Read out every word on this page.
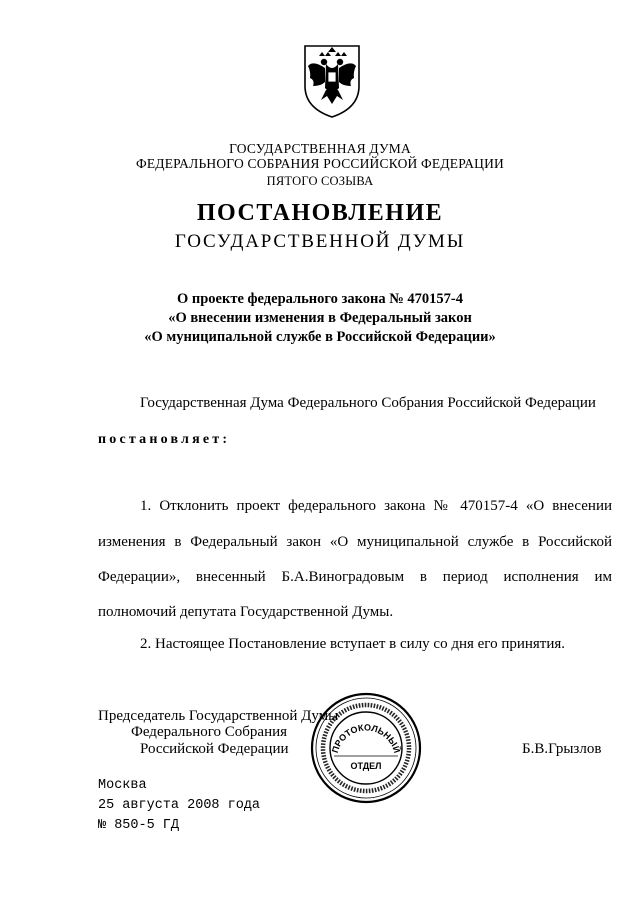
ГОСУДАРСТВЕННАЯ ДУМА
ФЕДЕРАЛЬНОГО СОБРАНИЯ РОССИЙСКОЙ ФЕДЕРАЦИИ
ПЯТОГО СОЗЫВА
ПОСТАНОВЛЕНИЕ
ГОСУДАРСТВЕННОЙ ДУМЫ
О проекте федерального закона № 470157-4
«О внесении изменения в Федеральный закон
«О муниципальной службе в Российской Федерации»
Государственная Дума Федерального Собрания Российской Федерации
постановляет:
1. Отклонить проект федерального закона № 470157-4 «О внесении
изменения в Федеральный закон «О муниципальной службе в Российской
Федерации», внесенный Б.А.Виноградовым в период исполнения им
полномочий депутата Государственной Думы.
2. Настоящее Постановление вступает в силу со дня его принятия.
Председатель Государственной Думы
Федерального Собрания
Российской Федерации	Б.В.Грызлов
ПРОТОКОЛЬНЫЙ
ОТДЕЛ
Москва
25 августа 2008 года
№ 850-5 ГД
